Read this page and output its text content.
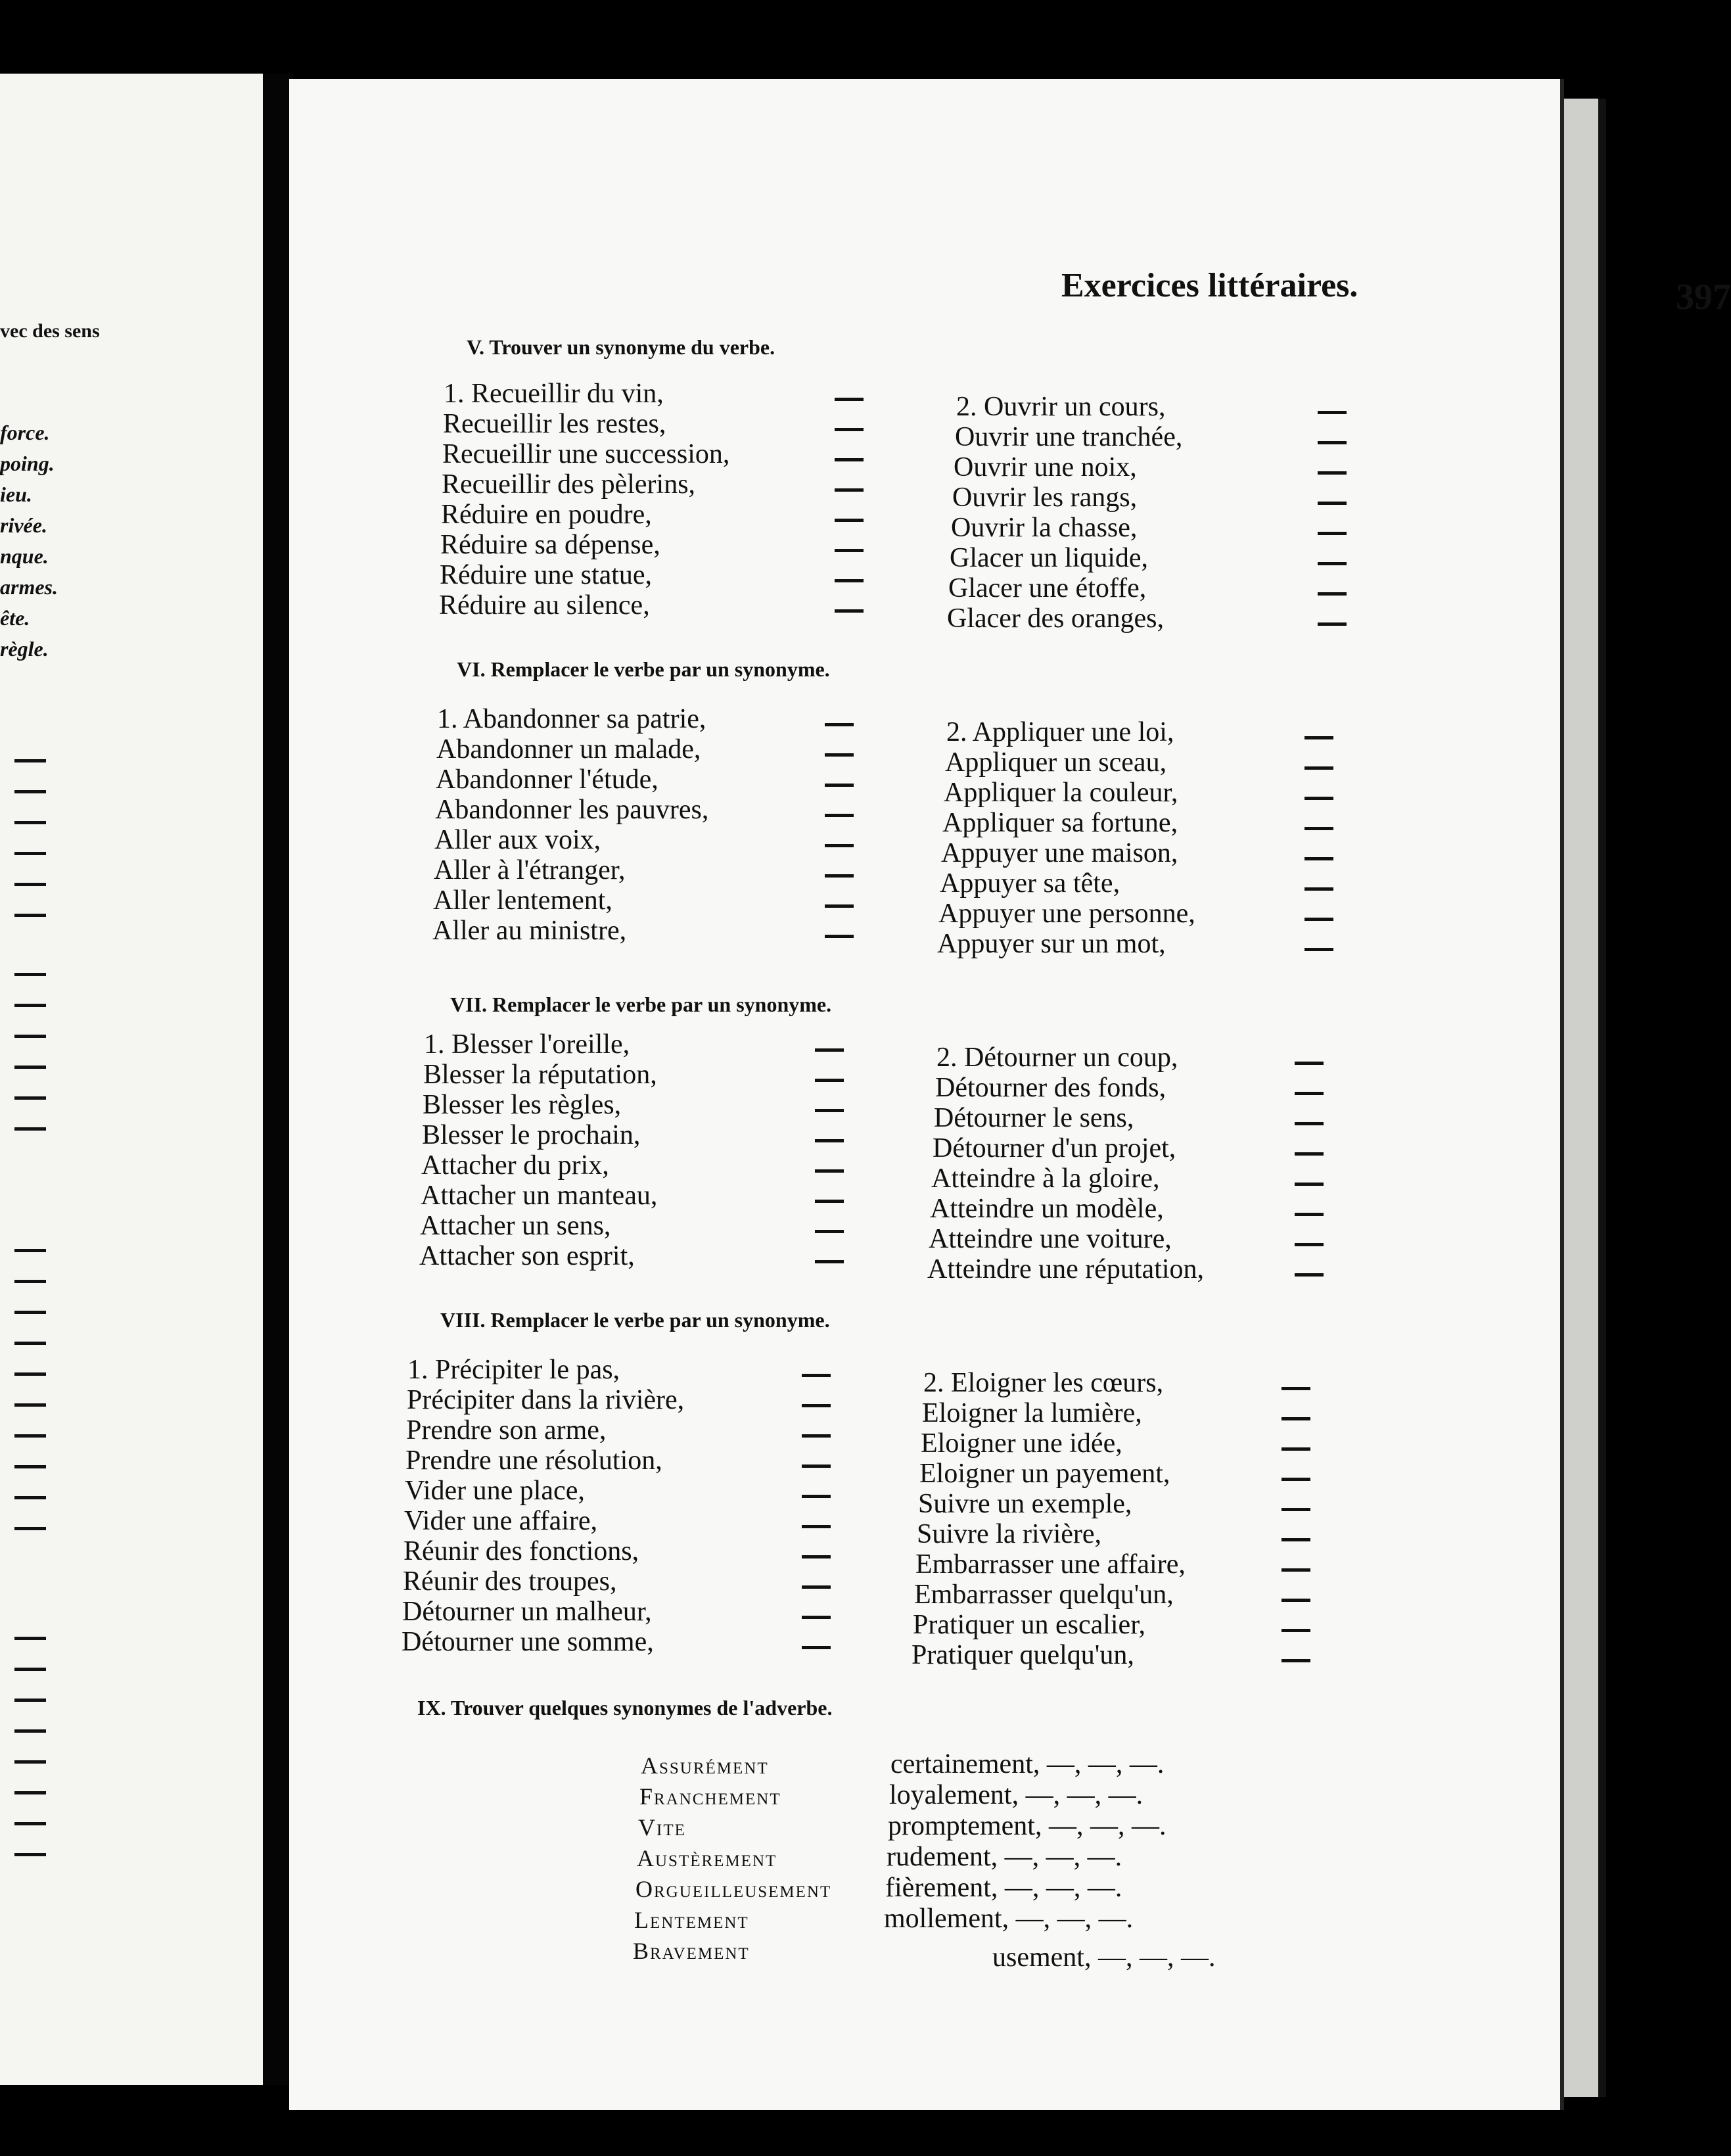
vec des sens
force.
poing.
ieu.
rivée.
nque.
armes.
ête.
règle.
Exercices littéraires.	397
V. Trouver un synonyme du verbe.
VI. Remplacer le verbe par un synonyme.
VII. Remplacer le verbe par un synonyme.
VIII. Remplacer le verbe par un synonyme.
IX. Trouver quelques synonymes de l'adverbe.
1. Recueillir du vin,
Recueillir les restes,
Recueillir une succession,
Recueillir des pèlerins,
Réduire en poudre,
Réduire sa dépense,
Réduire une statue,
Réduire au silence,
2. Ouvrir un cours,
Ouvrir une tranchée,
Ouvrir une noix,
Ouvrir les rangs,
Ouvrir la chasse,
Glacer un liquide,
Glacer une étoffe,
Glacer des oranges,
1. Abandonner sa patrie,
Abandonner un malade,
Abandonner l'étude,
Abandonner les pauvres,
Aller aux voix,
Aller à l'étranger,
Aller lentement,
Aller au ministre,
2. Appliquer une loi,
Appliquer un sceau,
Appliquer la couleur,
Appliquer sa fortune,
Appuyer une maison,
Appuyer sa tête,
Appuyer une personne,
Appuyer sur un mot,
1. Blesser l'oreille,
Blesser la réputation,
Blesser les règles,
Blesser le prochain,
Attacher du prix,
Attacher un manteau,
Attacher un sens,
Attacher son esprit,
2. Détourner un coup,
Détourner des fonds,
Détourner le sens,
Détourner d'un projet,
Atteindre à la gloire,
Atteindre un modèle,
Atteindre une voiture,
Atteindre une réputation,
1. Précipiter le pas,
Précipiter dans la rivière,
Prendre son arme,
Prendre une résolution,
Vider une place,
Vider une affaire,
Réunir des fonctions,
Réunir des troupes,
Détourner un malheur,
Détourner une somme,
2. Eloigner les cœurs,
Eloigner la lumière,
Eloigner une idée,
Eloigner un payement,
Suivre un exemple,
Suivre la rivière,
Embarrasser une affaire,
Embarrasser quelqu'un,
Pratiquer un escalier,
Pratiquer quelqu'un,
Assurément	certainement, —, —, —.
Franchement	loyalement, —, —, —.
Vite	promptement, —, —, —.
Austèrement	rudement, —, —, —.
Orgueilleusement fièrement, —, —, —.
Lentement	mollement, —, —, —.
Bravement	usement, —, —, —.
